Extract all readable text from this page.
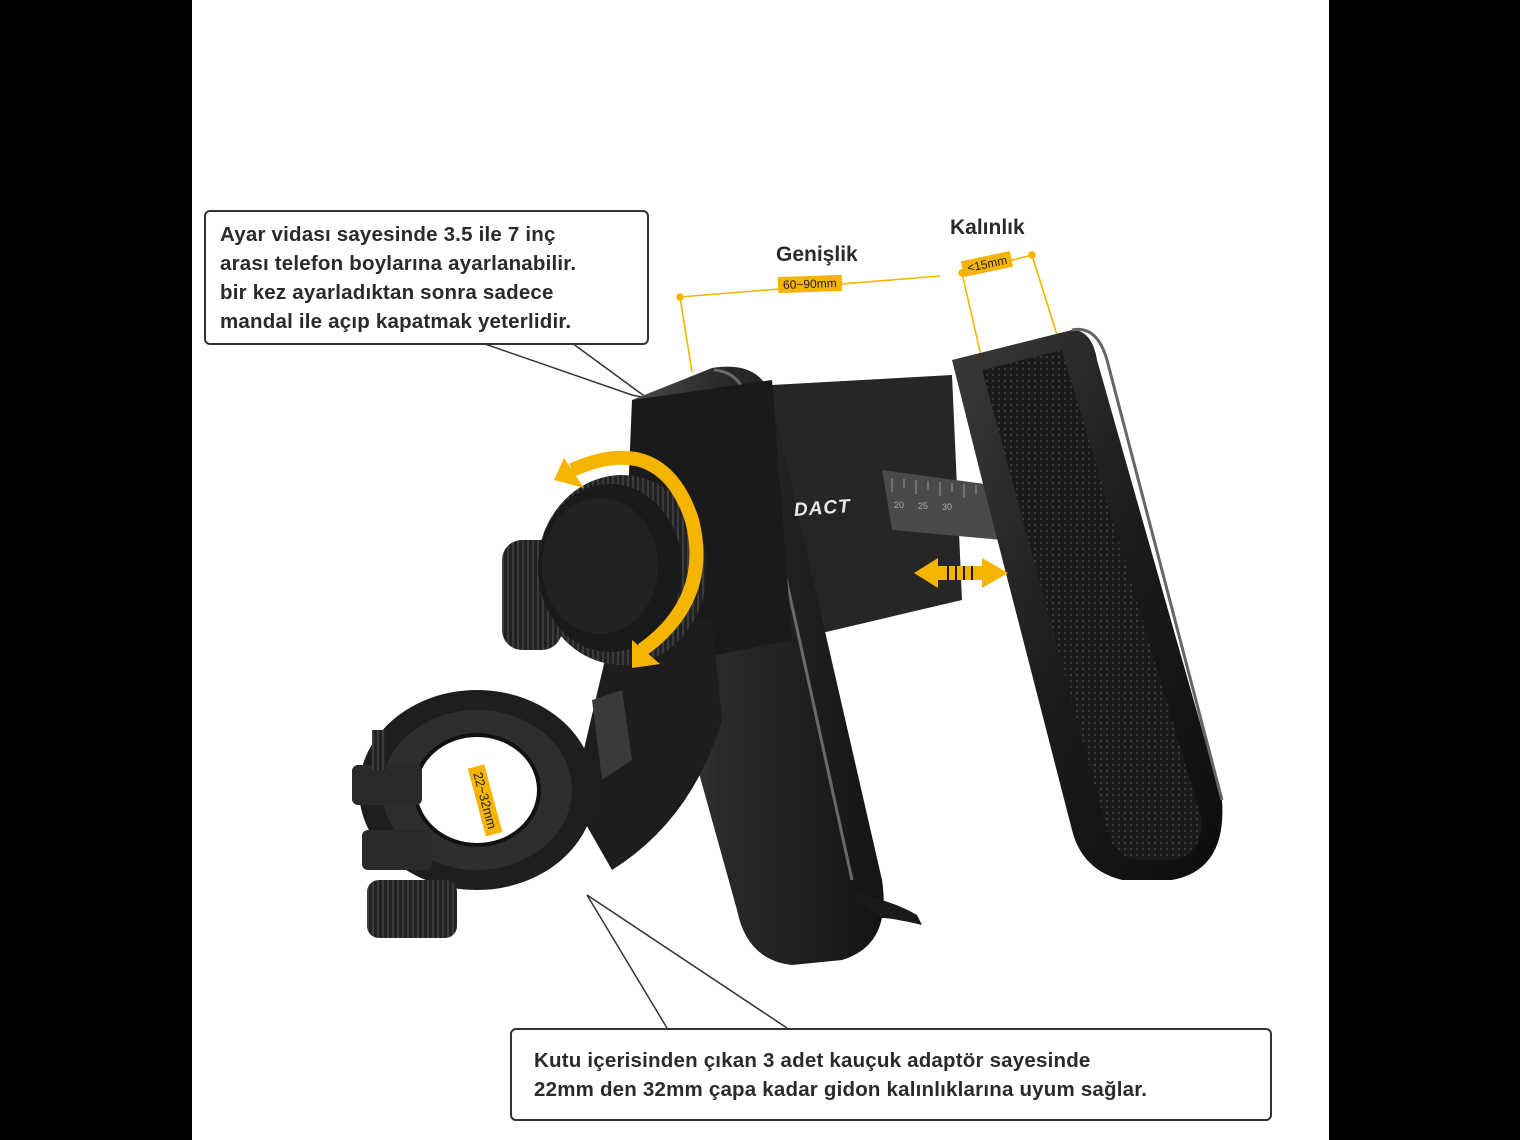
20 25 30
DACT
Genişlik
60~90mm
Kalınlık
<15mm
22~32mm
Ayar vidası sayesinde 3.5 ile 7 inç
arası telefon boylarına ayarlanabilir.
bir kez ayarladıktan sonra sadece
mandal ile açıp kapatmak yeterlidir.
Kutu içerisinden çıkan 3 adet kauçuk adaptör sayesinde
22mm den 32mm çapa kadar gidon kalınlıklarına uyum sağlar.
